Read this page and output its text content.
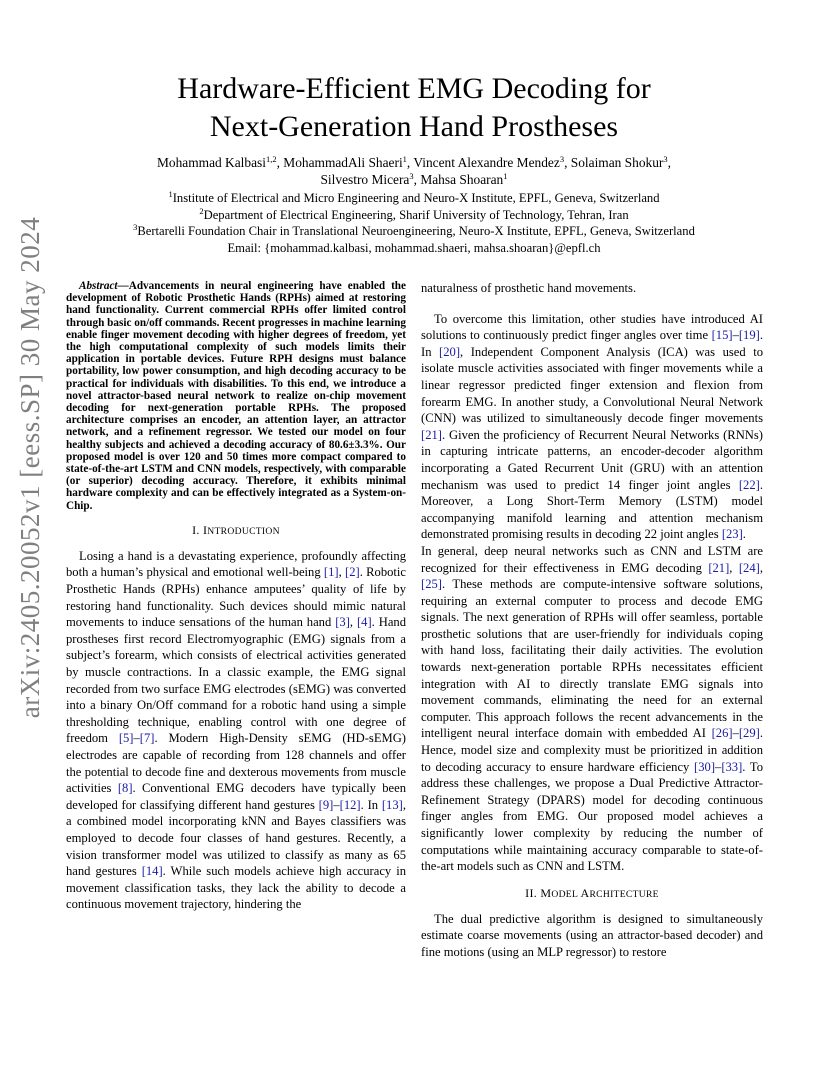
arXiv:2405.20052v1 [eess.SP] 30 May 2024
Hardware-Efficient EMG Decoding for
Next-Generation Hand Prostheses
Mohammad Kalbasi$^{1,2}$, MohammadAli Shaeri$^1$, Vincent Alexandre Mendez$^3$, Solaiman Shokur$^3$,
Silvestro Micera$^3$, Mahsa Shoaran$^1$
$^1$Institute of Electrical and Micro Engineering and Neuro-X Institute, EPFL, Geneva, Switzerland
$^2$Department of Electrical Engineering, Sharif University of Technology, Tehran, Iran
$^3$Bertarelli Foundation Chair in Translational Neuroengineering, Neuro-X Institute, EPFL, Geneva, Switzerland
Email: {mohammad.kalbasi, mohammad.shaeri, mahsa.shoaran}@epfl.ch

Abstract—Advancements in neural engineering have enabled the development of Robotic Prosthetic Hands (RPHs) aimed at restoring hand functionality. Current commercial RPHs offer limited control through basic on/off commands. Recent progresses in machine learning enable finger movement decoding with higher degrees of freedom, yet the high computational complexity of such models limits their application in portable devices. Future RPH designs must balance portability, low power consumption, and high decoding accuracy to be practical for individuals with disabilities. To this end, we introduce a novel attractor-based neural network to realize on-chip movement decoding for next-generation portable RPHs. The proposed architecture comprises an encoder, an attention layer, an attractor network, and a refinement regressor. We tested our model on four healthy subjects and achieved a decoding accuracy of 80.6±3.3%. Our proposed model is over 120 and 50 times more compact compared to state-of-the-art LSTM and CNN models, respectively, with comparable (or superior) decoding accuracy. Therefore, it exhibits minimal hardware complexity and can be effectively integrated as a System-on-Chip.

I. INTRODUCTION

Losing a hand is a devastating experience, profoundly affecting both a human’s physical and emotional well-being [1], [2]. Robotic Prosthetic Hands (RPHs) enhance amputees’ quality of life by restoring hand functionality. Such devices should mimic natural movements to induce sensations of the human hand [3], [4]. Hand prostheses first record Electromyographic (EMG) signals from a subject’s forearm, which consists of electrical activities generated by muscle contractions. In a classic example, the EMG signal recorded from two surface EMG electrodes (sEMG) was converted into a binary On/Off command for a robotic hand using a simple thresholding technique, enabling control with one degree of freedom [5]–[7]. Modern High-Density sEMG (HD-sEMG) electrodes are capable of recording from 128 channels and offer the potential to decode fine and dexterous movements from muscle activities [8]. Conventional EMG decoders have typically been developed for classifying different hand gestures [9]–[12]. In [13], a combined model incorporating kNN and Bayes classifiers was employed to decode four classes of hand gestures. Recently, a vision transformer model was utilized to classify as many as 65 hand gestures [14]. While such models achieve high accuracy in movement classification tasks, they lack the ability to decode a continuous movement trajectory, hindering the

naturalness of prosthetic hand movements.

To overcome this limitation, other studies have introduced AI solutions to continuously predict finger angles over time [15]–[19]. In [20], Independent Component Analysis (ICA) was used to isolate muscle activities associated with finger movements while a linear regressor predicted finger extension and flexion from forearm EMG. In another study, a Convolutional Neural Network (CNN) was utilized to simultaneously decode finger movements [21]. Given the proficiency of Recurrent Neural Networks (RNNs) in capturing intricate patterns, an encoder-decoder algorithm incorporating a Gated Recurrent Unit (GRU) with an attention mechanism was used to predict 14 finger joint angles [22]. Moreover, a Long Short-Term Memory (LSTM) model accompanying manifold learning and attention mechanism demonstrated promising results in decoding 22 joint angles [23].

In general, deep neural networks such as CNN and LSTM are recognized for their effectiveness in EMG decoding [21], [24], [25]. These methods are compute-intensive software solutions, requiring an external computer to process and decode EMG signals. The next generation of RPHs will offer seamless, portable prosthetic solutions that are user-friendly for individuals coping with hand loss, facilitating their daily activities. The evolution towards next-generation portable RPHs necessitates efficient integration with AI to directly translate EMG signals into movement commands, eliminating the need for an external computer. This approach follows the recent advancements in the intelligent neural interface domain with embedded AI [26]–[29]. Hence, model size and complexity must be prioritized in addition to decoding accuracy to ensure hardware efficiency [30]–[33]. To address these challenges, we propose a Dual Predictive Attractor-Refinement Strategy (DPARS) model for decoding continuous finger angles from EMG. Our proposed model achieves a significantly lower complexity by reducing the number of computations while maintaining accuracy comparable to state-of-the-art models such as CNN and LSTM.

II. MODEL ARCHITECTURE

The dual predictive algorithm is designed to simultaneously estimate coarse movements (using an attractor-based decoder) and fine motions (using an MLP regressor) to restore
